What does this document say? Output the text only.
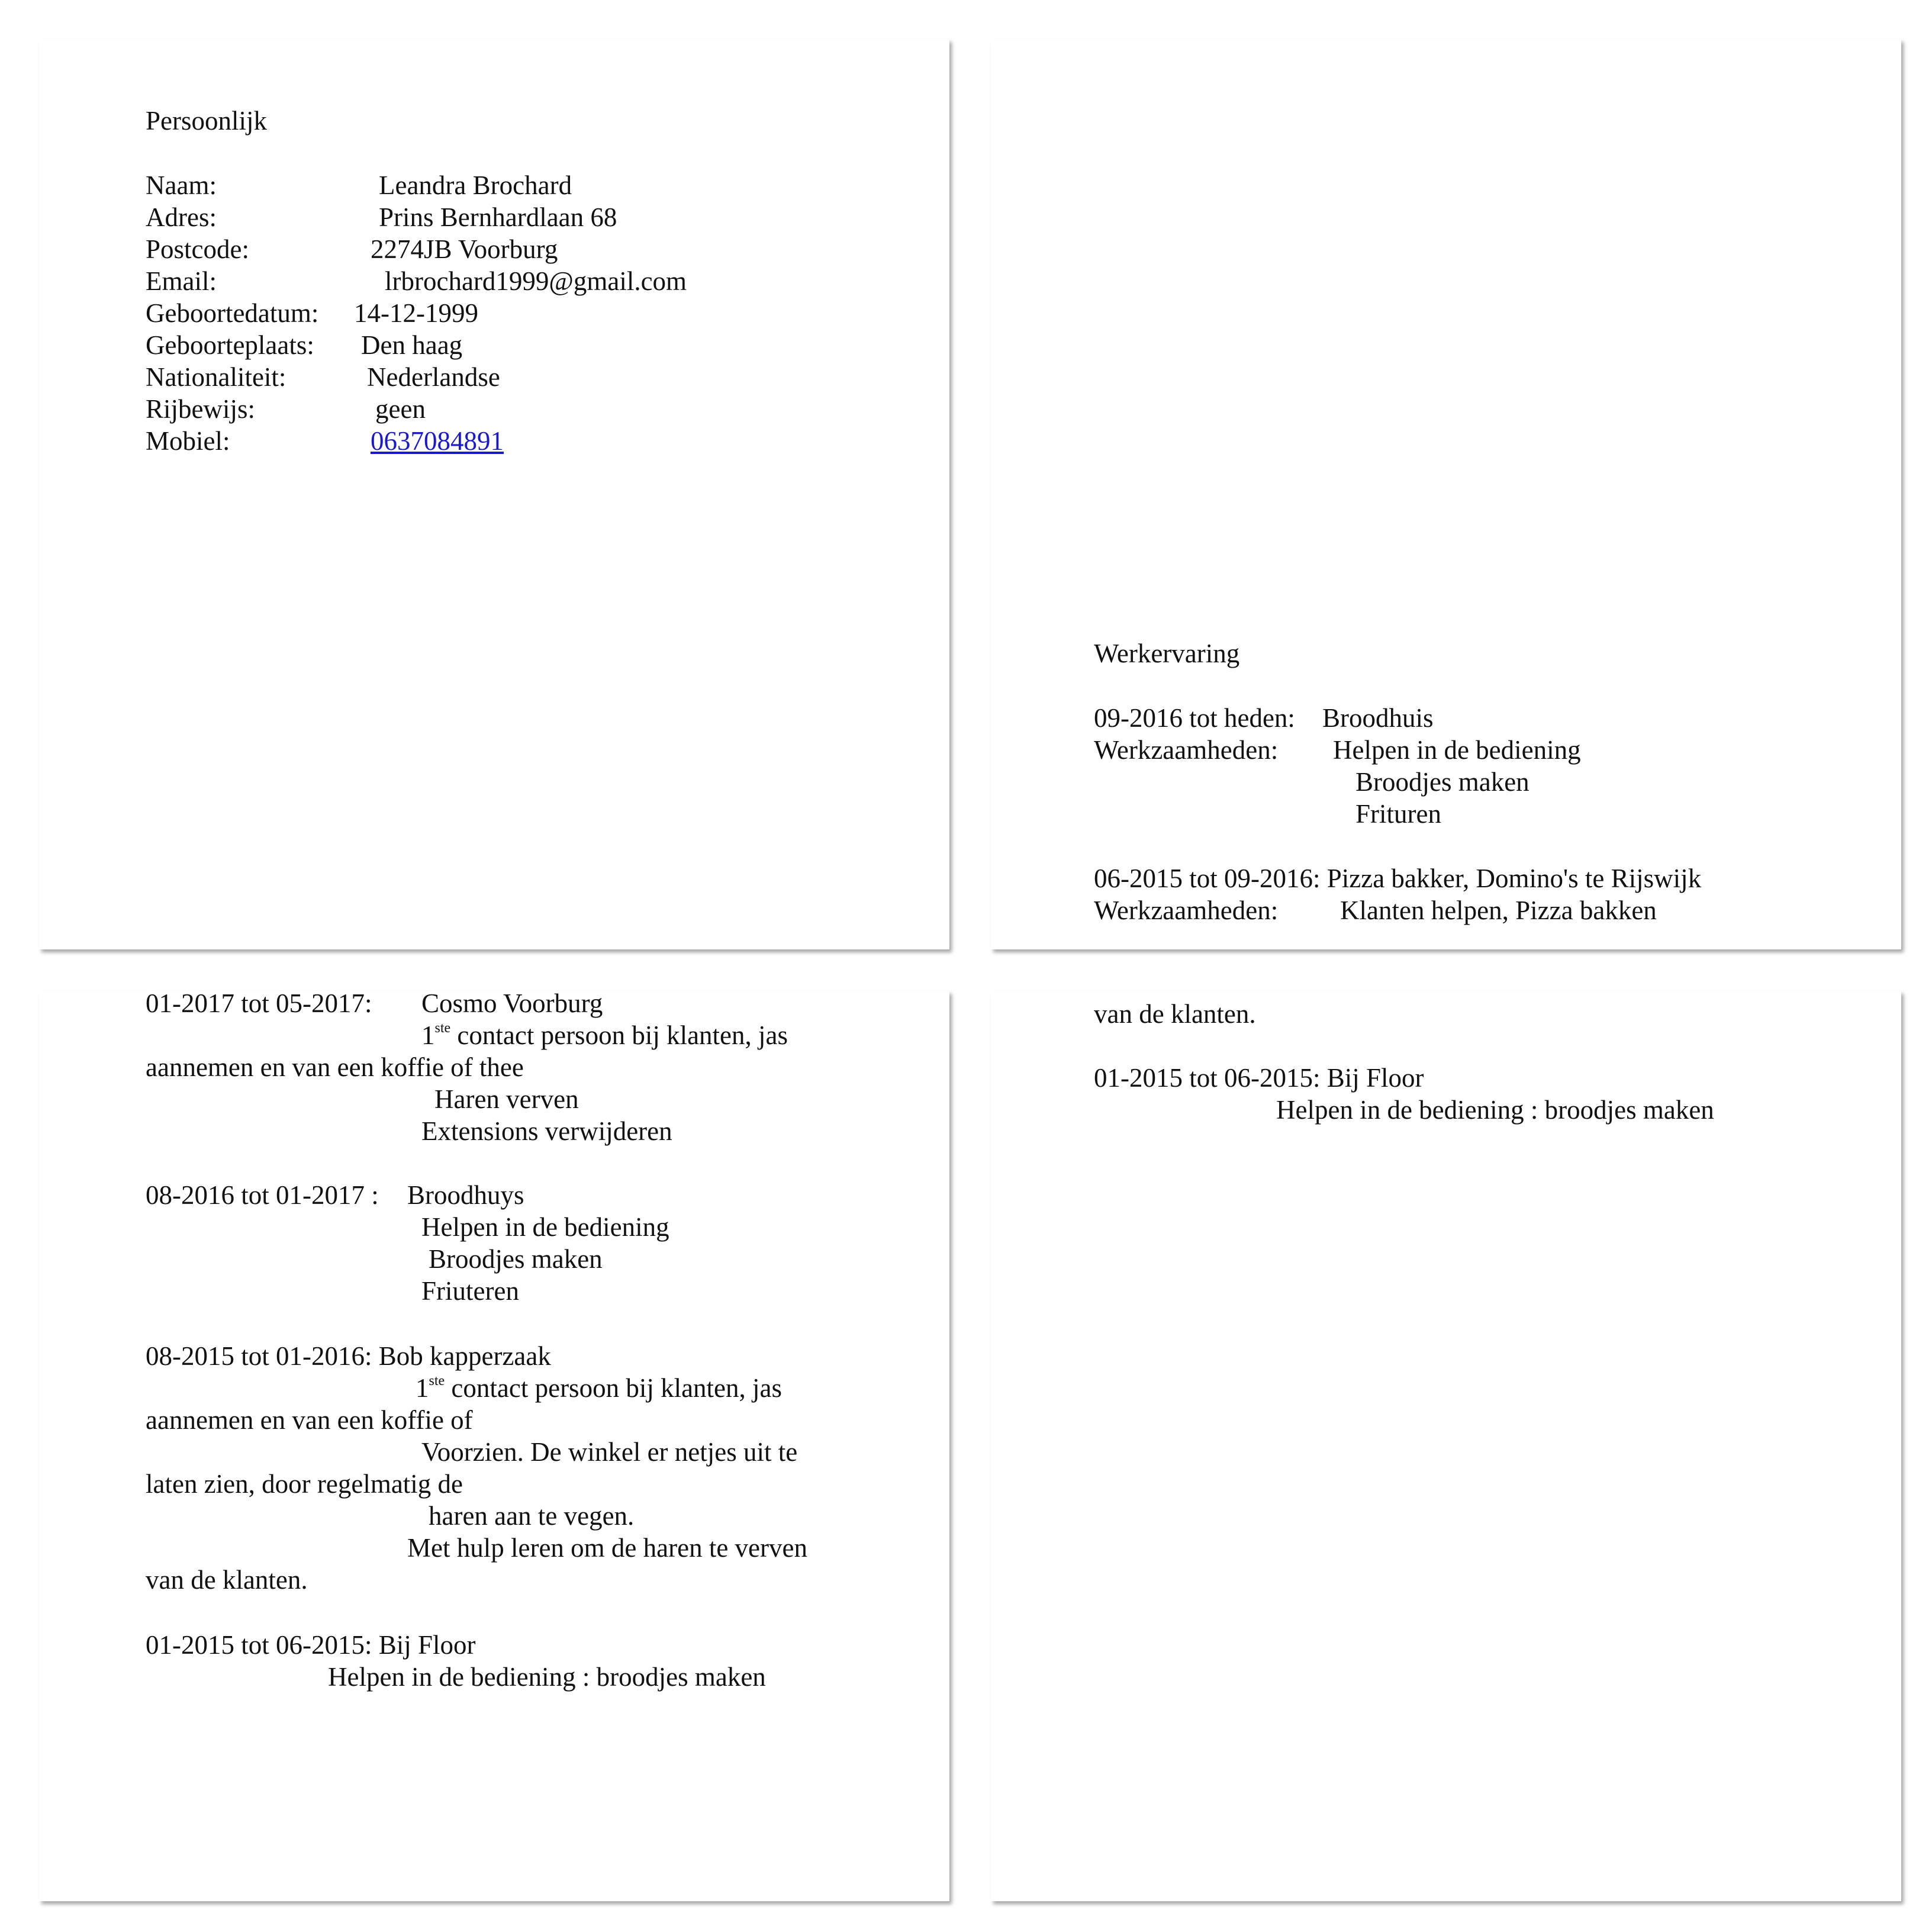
Persoonlijk
Naam:	Leandra Brochard
Adres:	Prins Bernhardlaan 68
Postcode:	2274JB Voorburg
Email:	lrbrochard1999@gmail.com
Geboortedatum: 14-12-1999
Geboorteplaats: Den haag
Nationaliteit:	Nederlandse
Rijbewijs:	geen
Mobiel:	0637084891
Werkervaring
09-2016 tot heden: Broodhuis
Werkzaamheden: Helpen in de bediening
Broodjes maken
Frituren
06-2015 tot 09-2016: Pizza bakker, Domino's te Rijswijk
Werkzaamheden: Klanten helpen, Pizza bakken
01-2017 tot 05-2017: Cosmo Voorburg
1ste contact persoon bij klanten, jas
aannemen en van een koffie of thee
Haren verven
Extensions verwijderen
08-2016 tot 01-2017 : Broodhuys
Helpen in de bediening
Broodjes maken
Friuteren
08-2015 tot 01-2016: Bob kapperzaak
1ste contact persoon bij klanten, jas
aannemen en van een koffie of
Voorzien. De winkel er netjes uit te
laten zien, door regelmatig de
haren aan te vegen.
Met hulp leren om de haren te verven
van de klanten.
01-2015 tot 06-2015: Bij Floor
Helpen in de bediening : broodjes maken
van de klanten.
01-2015 tot 06-2015: Bij Floor
Helpen in de bediening : broodjes maken
